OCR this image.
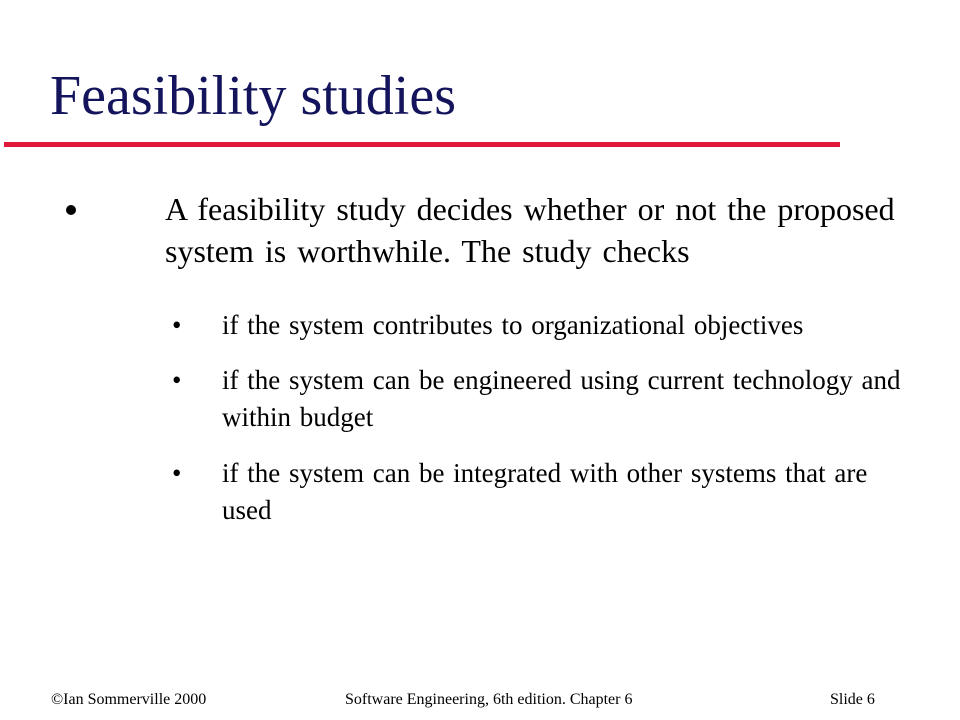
Feasibility studies

A feasibility study decides whether or not the proposed system is worthwhile. The study checks

• if the system contributes to organizational objectives
• if the system can be engineered using current technology and within budget
• if the system can be integrated with other systems that are used
©Ian Sommerville 2000	Software Engineering, 6th edition. Chapter 6	Slide 6
